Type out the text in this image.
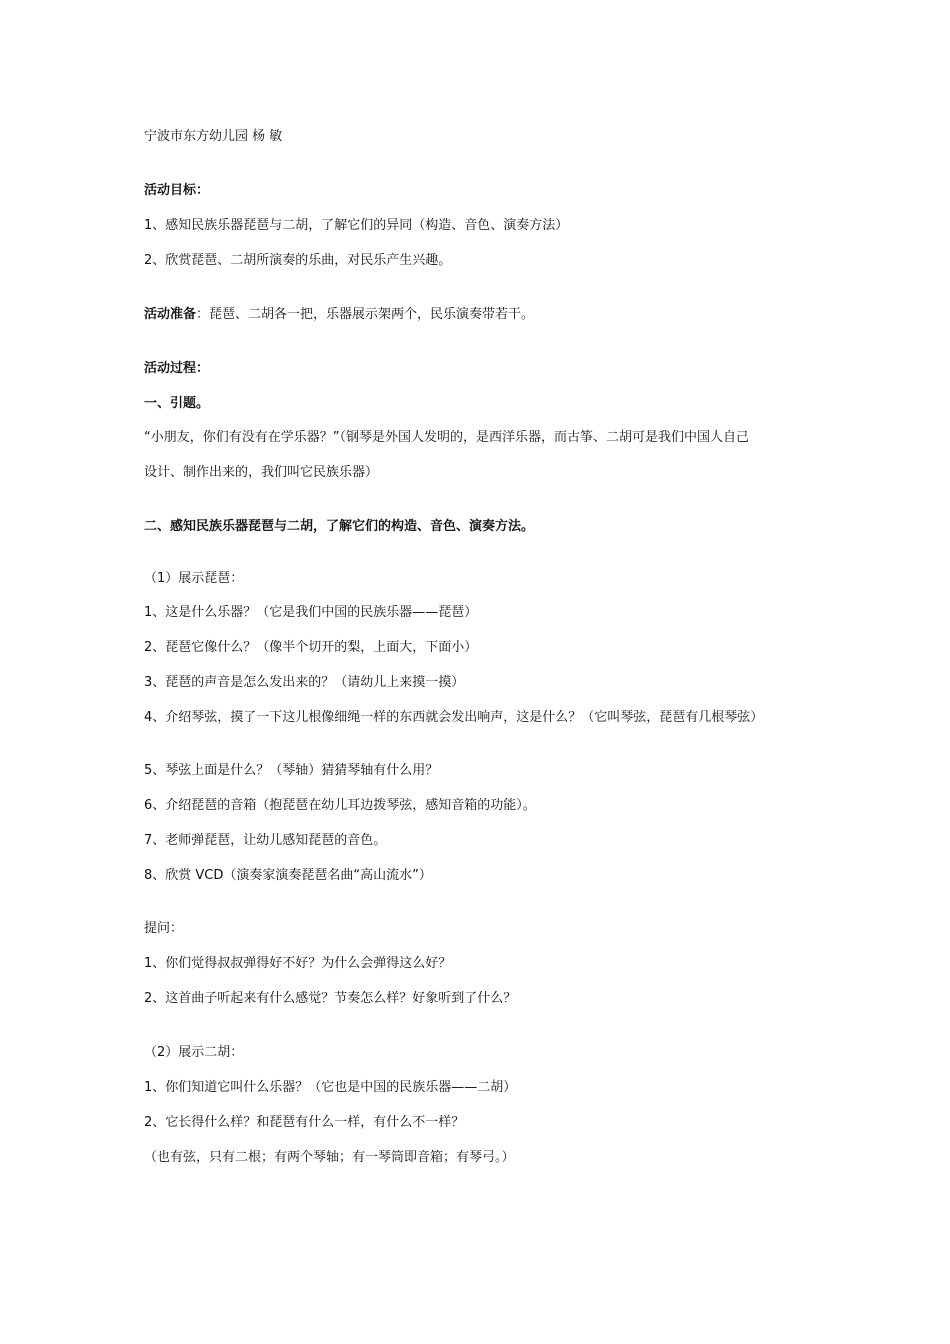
宁波市东方幼儿园 杨 敏
活动目标：
1、感知民族乐器琵琶与二胡，了解它们的异同（构造、音色、演奏方法）
2、欣赏琵琶、二胡所演奏的乐曲，对民乐产生兴趣。
活动准备：琵琶、二胡各一把，乐器展示架两个，民乐演奏带若干。
活动过程：
一、引题。
“小朋友，你们有没有在学乐器？”（钢琴是外国人发明的，是西洋乐器，而古筝、二胡可是我们中国人自己
设计、制作出来的，我们叫它民族乐器）
二、感知民族乐器琵琶与二胡，了解它们的构造、音色、演奏方法。
（1）展示琵琶：
1、这是什么乐器？（它是我们中国的民族乐器——琵琶）
2、琵琶它像什么？（像半个切开的梨，上面大，下面小）
3、琵琶的声音是怎么发出来的？（请幼儿上来摸一摸）
4、介绍琴弦，摸了一下这儿根像细绳一样的东西就会发出响声，这是什么？（它叫琴弦，琵琶有几根琴弦）
5、琴弦上面是什么？（琴轴）猜猜琴轴有什么用？
6、介绍琵琶的音箱（抱琵琶在幼儿耳边拨琴弦，感知音箱的功能）。
7、老师弹琵琶，让幼儿感知琵琶的音色。
8、欣赏 VCD（演奏家演奏琵琶名曲“高山流水”）
提问：
1、你们觉得叔叔弹得好不好？为什么会弹得这么好？
2、这首曲子听起来有什么感觉？节奏怎么样？好象听到了什么？
（2）展示二胡：
1、你们知道它叫什么乐器？（它也是中国的民族乐器——二胡）
2、它长得什么样？和琵琶有什么一样，有什么不一样？
（也有弦，只有二根；有两个琴轴；有一琴筒即音箱；有琴弓。）
